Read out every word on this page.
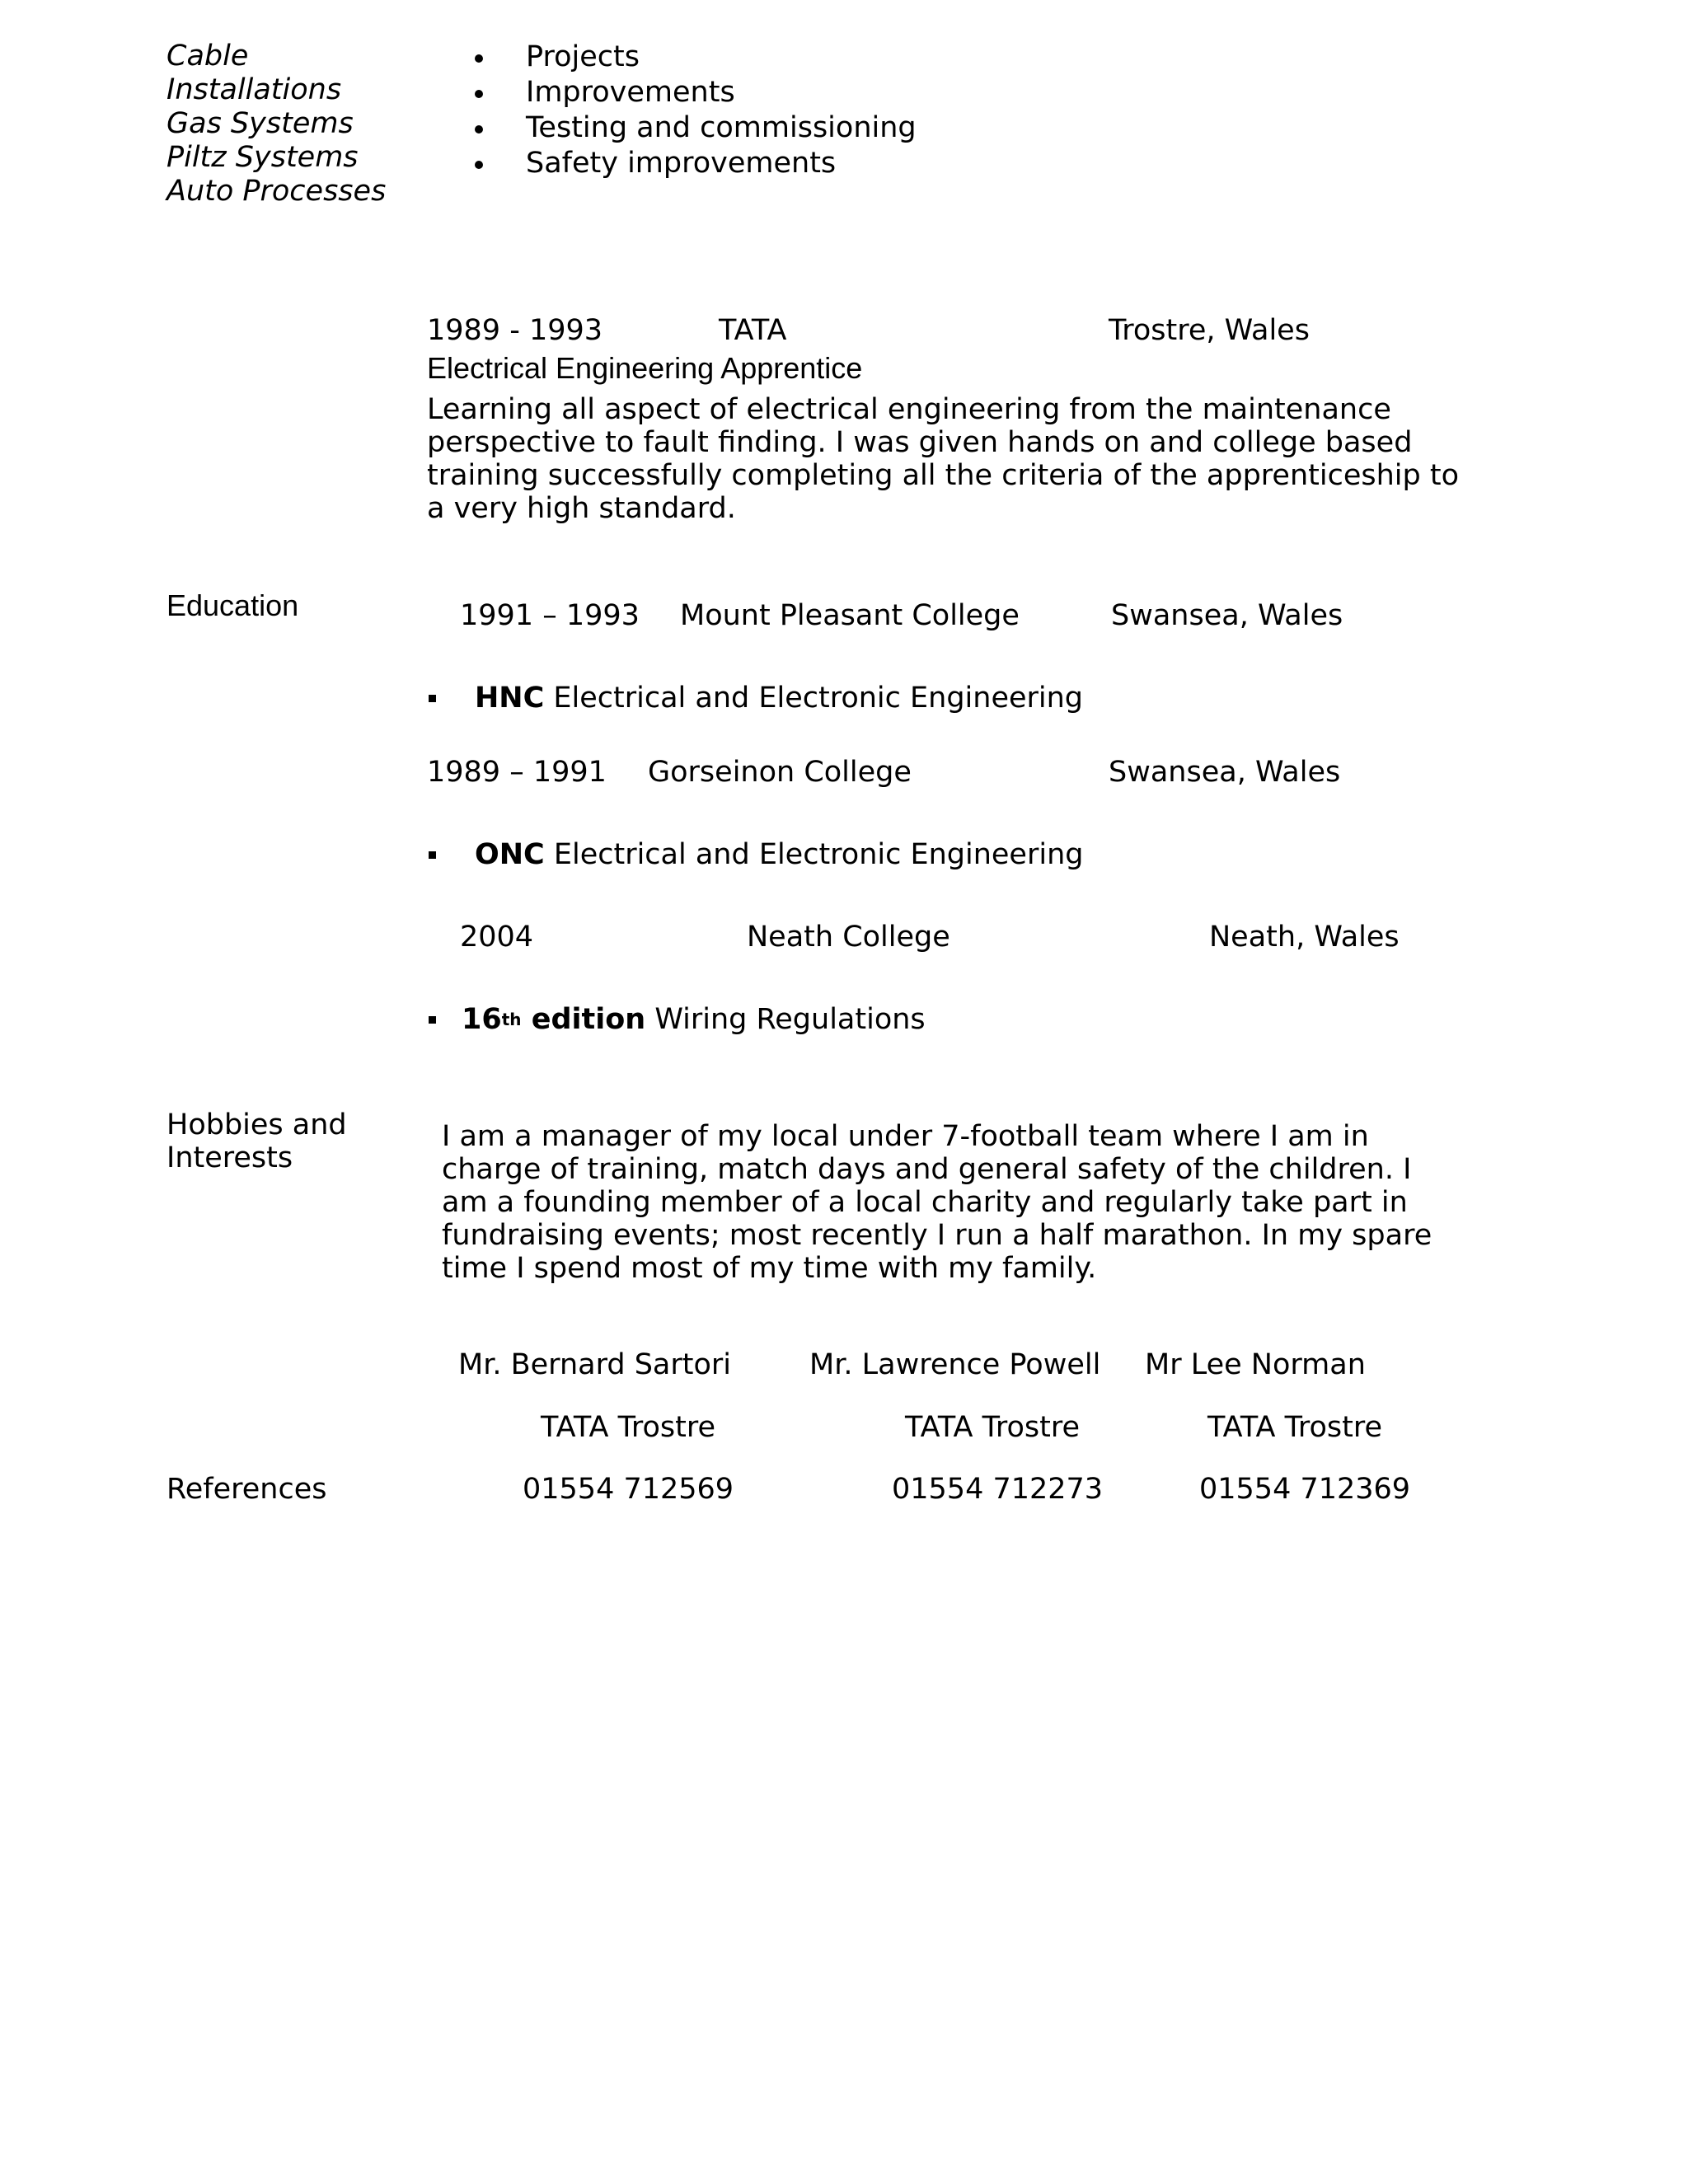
Cable
Installations
Gas Systems
Piltz Systems
Auto Processes
Projects
Improvements
Testing and commissioning
Safety improvements
1989 - 1993	TATA	Trostre, Wales
Electrical Engineering Apprentice
Learning all aspect of electrical engineering from the maintenance perspective to fault finding. I was given hands on and college based training successfully completing all the criteria of the apprenticeship to a very high standard.
Education	1991 – 1993 Mount Pleasant College	Swansea, Wales
HNC Electrical and Electronic Engineering
1989 – 1991 Gorseinon College	Swansea, Wales
ONC Electrical and Electronic Engineering
2004	Neath College	Neath, Wales
16th edition Wiring Regulations
Hobbies and
Interests
I am a manager of my local under 7-football team where I am in charge of training, match days and general safety of the children. I am a founding member of a local charity and regularly take part in fundraising events; most recently I run a half marathon. In my spare time I spend most of my time with my family.
Mr. Bernard Sartori	Mr. Lawrence Powell Mr Lee Norman
TATA Trostre	TATA Trostre	TATA Trostre
References	01554 712569	01554 712273	01554 712369
